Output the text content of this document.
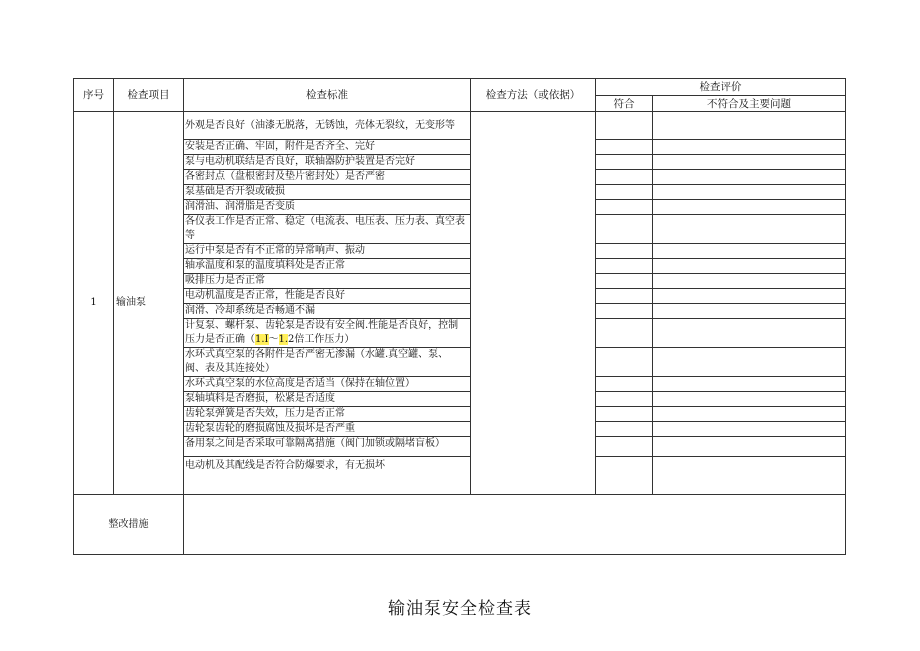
序号	检查项目	检查标准	检查方法（或依据）	检查评价	
				符合	不符合及主要问题
1	输油泵	外观是否良好（油漆无脱落，无锈蚀，壳体无裂纹，无变形等			
		安装是否正确、牢固，附件是否齐全、完好			
		泵与电动机联结是否良好，联轴器防护装置是否完好			
		各密封点（盘根密封及垫片密封处）是否严密			
		泵基础是否开裂或破损			
		润滑油、润滑脂是否变质			
		各仪表工作是否正常、稳定（电流表、电压表、压力表、真空表等			
		运行中泵是否有不正常的异常响声、振动			
		轴承温度和泵的温度填料处是否正常			
		吸排压力是否正常			
		电动机温度是否正常，性能是否良好			
		润滑、冷却系统是否畅通不漏			
		计复泵、螺杆泵、齿轮泵是否设有安全阀.性能是否良好，控制压力是否正确（1.I～1.2倍工作压力）			
		水环式真空泵的各附件是否严密无渗漏（水罐.真空罐、泵、阀、表及其连接处）			
		水环式真空泵的水位高度是否适当（保持在轴位置）			
		泵轴填料是否磨损，松紧是否适度			
		齿轮泵弹簧是否失效，压力是否正常			
		齿轮泵齿轮的磨损腐蚀及损坏是否严重			
		备用泵之间是否采取可靠隔离措施（阀门加锁或隔堵盲板）			
		电动机及其配线是否符合防爆要求，有无损坏			
整改措施					
输油泵安全检查表
